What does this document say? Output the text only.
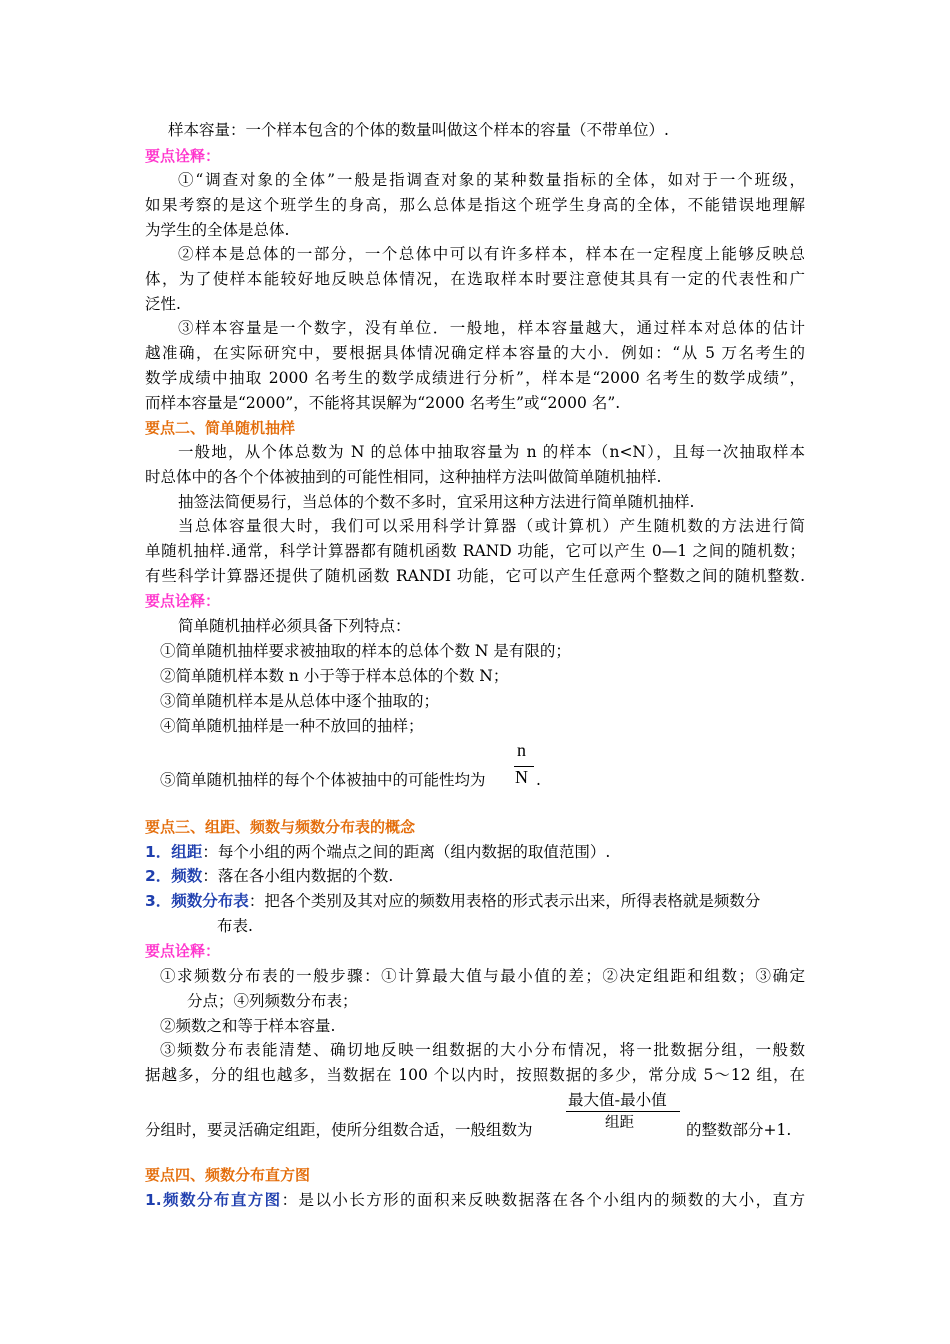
样本容量：一个样本包含的个体的数量叫做这个样本的容量（不带单位）.
要点诠释：
①“调查对象的全体”一般是指调查对象的某种数量指标的全体，如对于一个班级，
如果考察的是这个班学生的身高，那么总体是指这个班学生身高的全体，不能错误地理解
为学生的全体是总体.
②样本是总体的一部分，一个总体中可以有许多样本，样本在一定程度上能够反映总
体，为了使样本能较好地反映总体情况，在选取样本时要注意使其具有一定的代表性和广
泛性.
③样本容量是一个数字，没有单位．一般地，样本容量越大，通过样本对总体的估计
越准确，在实际研究中，要根据具体情况确定样本容量的大小．例如：“从 5 万名考生的
数学成绩中抽取 2000 名考生的数学成绩进行分析”，样本是“2000 名考生的数学成绩”，
而样本容量是“2000”，不能将其误解为“2000 名考生”或“2000 名”.
要点二、简单随机抽样
一般地，从个体总数为 N 的总体中抽取容量为 n 的样本（n<N），且每一次抽取样本
时总体中的各个个体被抽到的可能性相同，这种抽样方法叫做简单随机抽样.
抽签法简便易行，当总体的个数不多时，宜采用这种方法进行简单随机抽样.
当总体容量很大时，我们可以采用科学计算器（或计算机）产生随机数的方法进行简
单随机抽样.通常，科学计算器都有随机函数 RAND 功能，它可以产生 0—1 之间的随机数；
有些科学计算器还提供了随机函数 RANDI 功能，它可以产生任意两个整数之间的随机整数.
要点诠释：
简单随机抽样必须具备下列特点：
①简单随机抽样要求被抽取的样本的总体个数 N 是有限的；
②简单随机样本数 n 小于等于样本总体的个数 N；
③简单随机样本是从总体中逐个抽取的；
④简单随机抽样是一种不放回的抽样；
⑤简单随机抽样的每个个体被抽中的可能性均为
n
N .
要点三、组距、频数与频数分布表的概念
1．组距：每个小组的两个端点之间的距离（组内数据的取值范围）.
2．频数：落在各小组内数据的个数.
3．频数分布表：把各个类别及其对应的频数用表格的形式表示出来，所得表格就是频数分
布表.
要点诠释：
①求频数分布表的一般步骤：①计算最大值与最小值的差；②决定组距和组数；③确定
分点；④列频数分布表；
②频数之和等于样本容量.
③频数分布表能清楚、确切地反映一组数据的大小分布情况，将一批数据分组，一般数
据越多，分的组也越多，当数据在 100 个以内时，按照数据的多少，常分成 5～12 组，在
分组时，要灵活确定组距，使所分组数合适，一般组数为
最大值-最小值
组距	的整数部分+1.
要点四、频数分布直方图
1.频数分布直方图：是以小长方形的面积来反映数据落在各个小组内的频数的大小，直方
